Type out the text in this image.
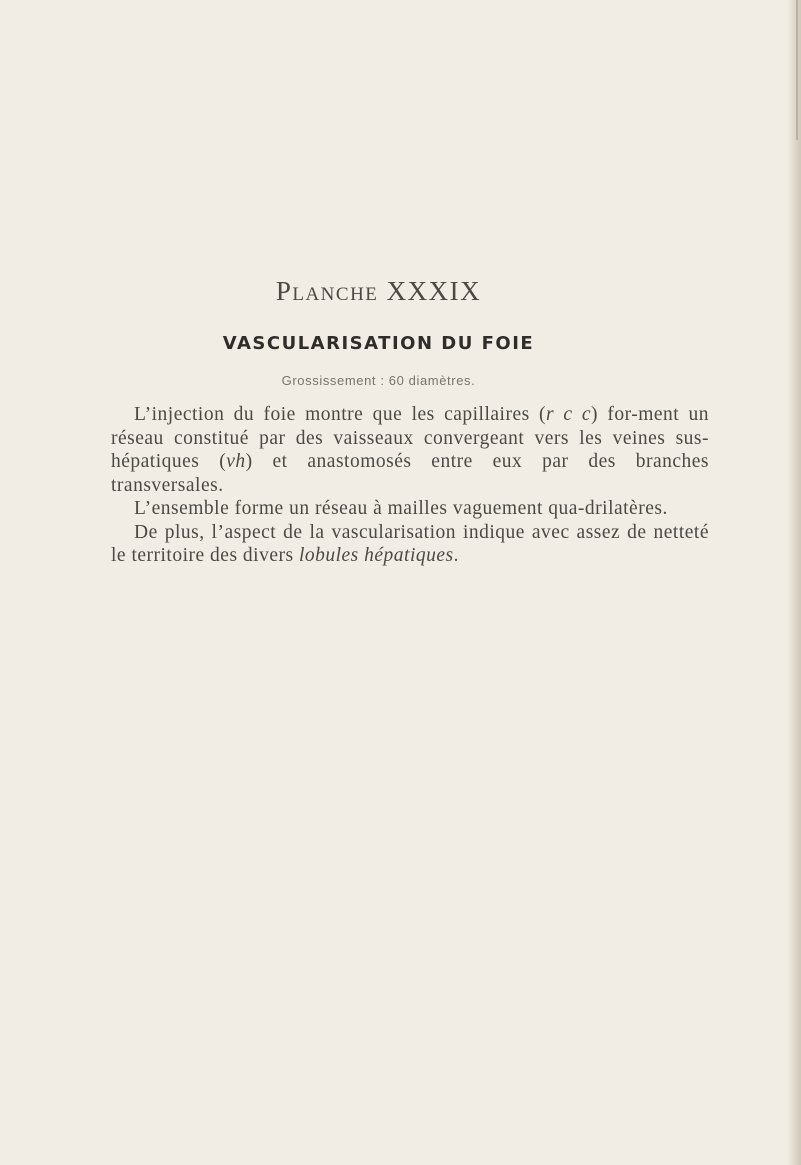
Planche XXXIX
VASCULARISATION DU FOIE
Grossissement : 60 diamètres.

L’injection du foie montre que les capillaires (r c c) for-ment un réseau constitué par des vaisseaux convergeant vers les veines sus-hépatiques (vh) et anastomosés entre eux par des branches transversales.

L’ensemble forme un réseau à mailles vaguement qua-drilatères.

De plus, l’aspect de la vascularisation indique avec assez de netteté le territoire des divers lobules hépatiques.
